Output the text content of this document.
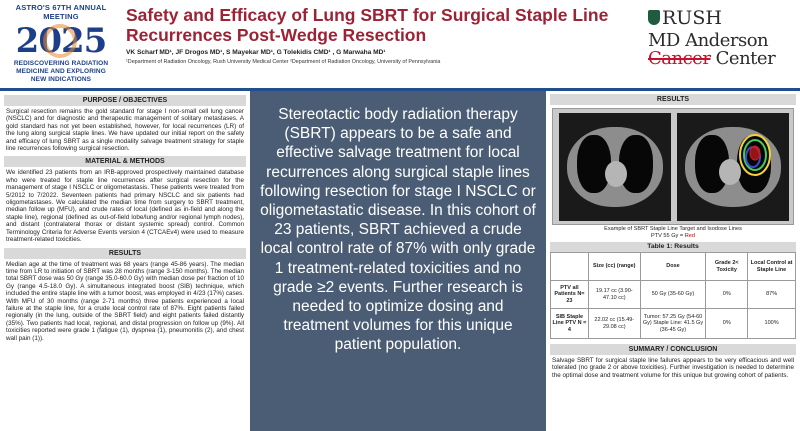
ASTRO'S 67TH ANNUAL MEETING
2025
REDISCOVERING RADIATION
MEDICINE AND EXPLORING
NEW INDICATIONS
Safety and Efficacy of Lung SBRT for Surgical Staple Line
Recurrences Post-Wedge Resection
VK Scharf MD¹, JF Drogos MD¹, S Mayekar MD¹, G Tolekidis CMD¹ , G Marwaha MD¹
¹Department of Radiation Oncology, Rush University Medical Center ²Department of Radiation Oncology, University of Pennsylvania
RUSH
MD Anderson
Cancer Center
PURPOSE / OBJECTIVES
Surgical resection remains the gold standard for stage I non-small cell lung cancer (NSCLC) and for diagnostic and therapeutic management of solitary metastases. A gold standard has not yet been established, however, for local recurrences (LR) of the lung along surgical staple lines. We have updated our initial report on the safety and efficacy of lung SBRT as a single modality salvage treatment strategy for staple line recurrences following surgical resection.
MATERIAL & METHODS
We identified 23 patients from an IRB-approved prospectively maintained database who were treated for staple line recurrences after surgical resection for the management of stage I NSCLC or oligometastasis. These patients were treated from 5/2012 to 7/2022. Seventeen patients had primary NSCLC and six patients had oligometastases. We calculated the median time from surgery to SBRT treatment, median follow up (MFU), and crude rates of local (defined as in-field and along the staple line), regional (defined as out-of-field lobe/lung and/or regional lymph nodes), and distant (contralateral thorax or distant systemic spread) control. Common Terminology Criteria for Adverse Events version 4 (CTCAEv4) were used to measure treatment-related toxicities.
RESULTS
Median age at the time of treatment was 68 years (range 45-86 years). The median time from LR to initiation of SBRT was 28 months (range 3-150 months). The median total SBRT dose was 50 Gy (range 35.0-60.0 Gy) with median dose per fraction of 10 Gy (range 4.5-18.0 Gy). A simultaneous integrated boost (SIB) technique, which included the entire staple line with a tumor boost, was employed in 4/23 (17%) cases. With MFU of 30 months (range 2-71 months) three patients experienced a local failure at the staple line, for a crude local control rate of 87%. Eight patients failed regionally (in the lung, outside of the SBRT field) and eight patients failed distantly (35%). Two patients had local, regional, and distal progression on follow up (9%). All toxicities reported were grade 1 (fatigue (1), dyspnea (1), pneumonitis (2), and chest wall pain (1)).
Stereotactic body radiation therapy (SBRT) appears to be a safe and effective salvage treatment for local recurrences along surgical staple lines following resection for stage I NSCLC or oligometastatic disease. In this cohort of 23 patients, SBRT achieved a crude local control rate of 87% with only grade 1 treatment-related toxicities and no grade ≥2 events. Further research is needed to optimize dosing and treatment volumes for this unique patient population.
RESULTS
Example of SBRT Staple Line Target and Isodose Lines
PTV 55 Gy = Red
Table 1: Results
	Size (cc) (range)	Dose	Grade 2< Toxicity	Local Control at Staple Line
PTV all Patients N= 23	19.17 cc (3.90-47.10 cc)	50 Gy (35-60 Gy)	0%	87%
SIB Staple Line PTV N = 4	22.02 cc (15.49-29.08 cc)	Tumor: 57.25 Gy (54-60 Gy) Staple Line: 41.5 Gy (36-45 Gy)	0%	100%
SUMMARY / CONCLUSION
Salvage SBRT for surgical staple line failures appears to be very efficacious and well tolerated (no grade 2 or above toxicities). Further investigation is needed to determine the optimal dose and treatment volume for this unique but growing cohort of patients.
